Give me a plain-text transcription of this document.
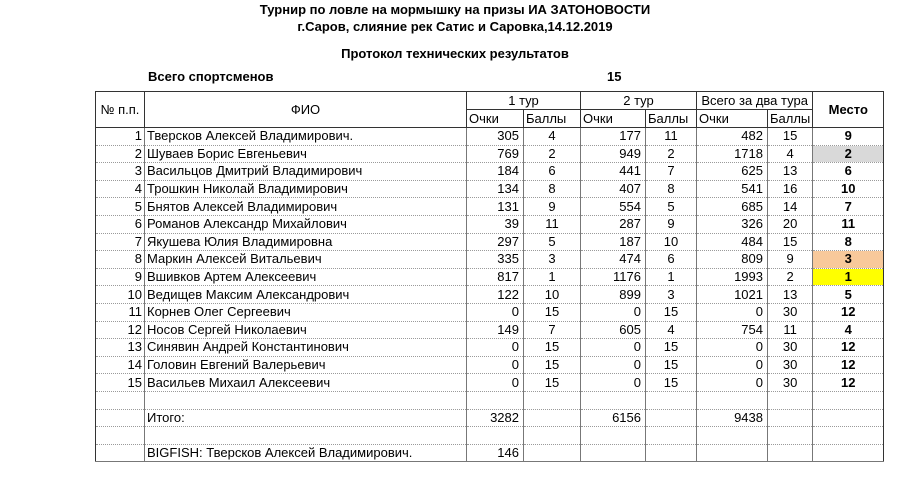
Турнир по ловле на мормышку на призы ИА ЗАТОНОВОСТИ
г.Саров, слияние рек Сатис и Саровка,14.12.2019
Протокол технических результатов
Всего спортсменов	15
№ п.п.	ФИО	1 тур		2 тур		Всего за два тура		Место
		Очки	Баллы	Очки	Баллы	Очки	Баллы	
1	Тверсков Алексей Владимирович.	305	4	177	11	482	15	9
2	Шуваев Борис Евгеньевич	769	2	949	2	1718	4	2
3	Васильцов Дмитрий Владимирович	184	6	441	7	625	13	6
4	Трошкин Николай Владимирович	134	8	407	8	541	16	10
5	Бнятов Алексей Владимирович	131	9	554	5	685	14	7
6	Романов Александр Михайлович	39	11	287	9	326	20	11
7	Якушева Юлия Владимировна	297	5	187	10	484	15	8
8	Маркин Алексей Витальевич	335	3	474	6	809	9	3
9	Вшивков Артем Алексеевич	817	1	1176	1	1993	2	1
10	Ведищев Максим Александрович	122	10	899	3	1021	13	5
11	Корнев Олег Сергеевич	0	15	0	15	0	30	12
12	Носов Сергей Николаевич	149	7	605	4	754	11	4
13	Синявин Андрей Константинович	0	15	0	15	0	30	12
14	Головин Евгений Валерьевич	0	15	0	15	0	30	12
15	Васильев Михаил Алексеевич	0	15	0	15	0	30	12

	Итого:	3282		6156		9438		

	BIGFISH: Тверсков Алексей Владимирович.	146						
